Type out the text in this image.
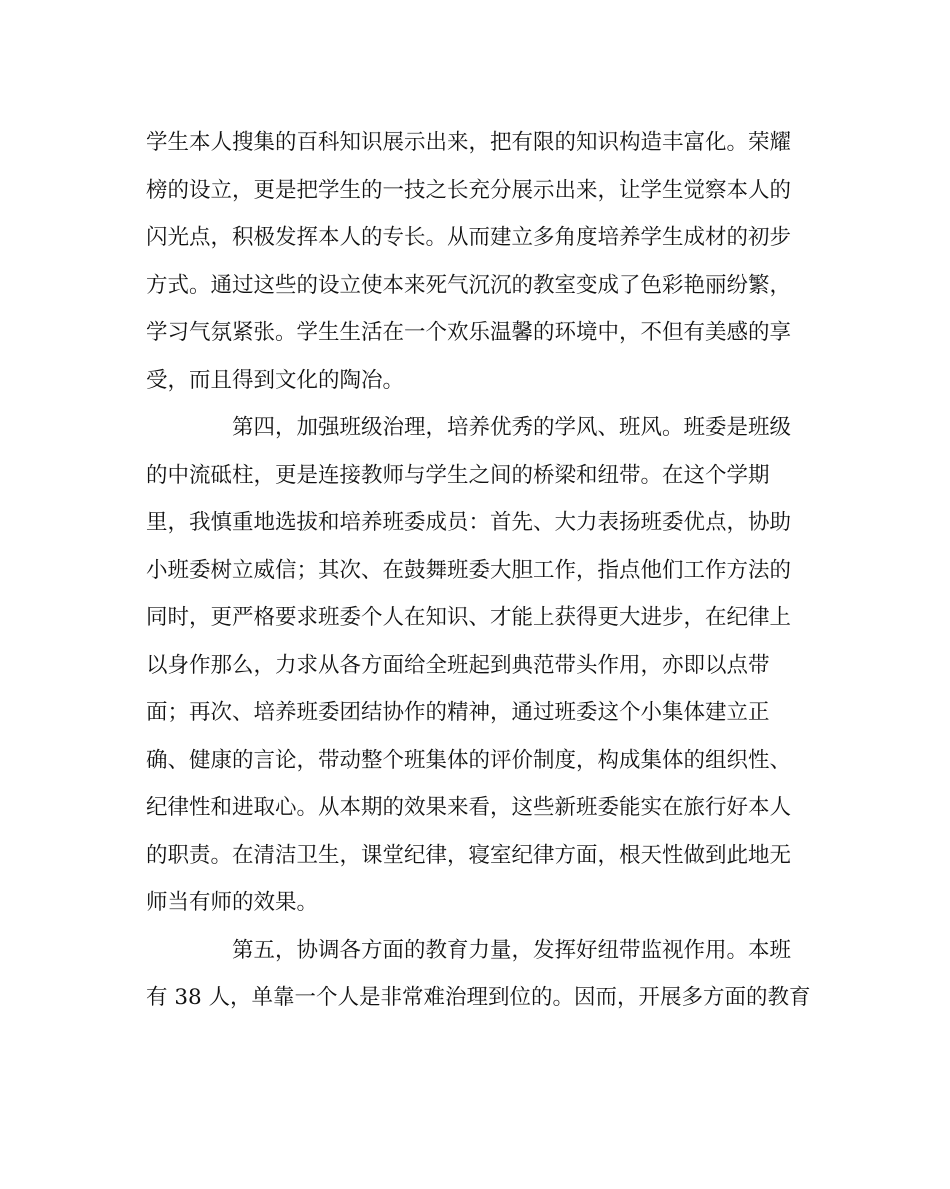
学生本人搜集的百科知识展示出来，把有限的知识构造丰富化。荣耀
榜的设立，更是把学生的一技之长充分展示出来，让学生觉察本人的
闪光点，积极发挥本人的专长。从而建立多角度培养学生成材的初步
方式。通过这些的设立使本来死气沉沉的教室变成了色彩艳丽纷繁，
学习气氛紧张。学生生活在一个欢乐温馨的环境中，不但有美感的享
受，而且得到文化的陶冶。
第四，加强班级治理，培养优秀的学风、班风。班委是班级
的中流砥柱，更是连接教师与学生之间的桥梁和纽带。在这个学期
里，我慎重地选拔和培养班委成员：首先、大力表扬班委优点，协助
小班委树立威信；其次、在鼓舞班委大胆工作，指点他们工作方法的
同时，更严格要求班委个人在知识、才能上获得更大进步，在纪律上
以身作那么，力求从各方面给全班起到典范带头作用，亦即以点带
面；再次、培养班委团结协作的精神，通过班委这个小集体建立正
确、健康的言论，带动整个班集体的评价制度，构成集体的组织性、
纪律性和进取心。从本期的效果来看，这些新班委能实在旅行好本人
的职责。在清洁卫生，课堂纪律，寝室纪律方面，根天性做到此地无
师当有师的效果。
第五，协调各方面的教育力量，发挥好纽带监视作用。本班
有 38 人，单靠一个人是非常难治理到位的。因而，开展多方面的教育
